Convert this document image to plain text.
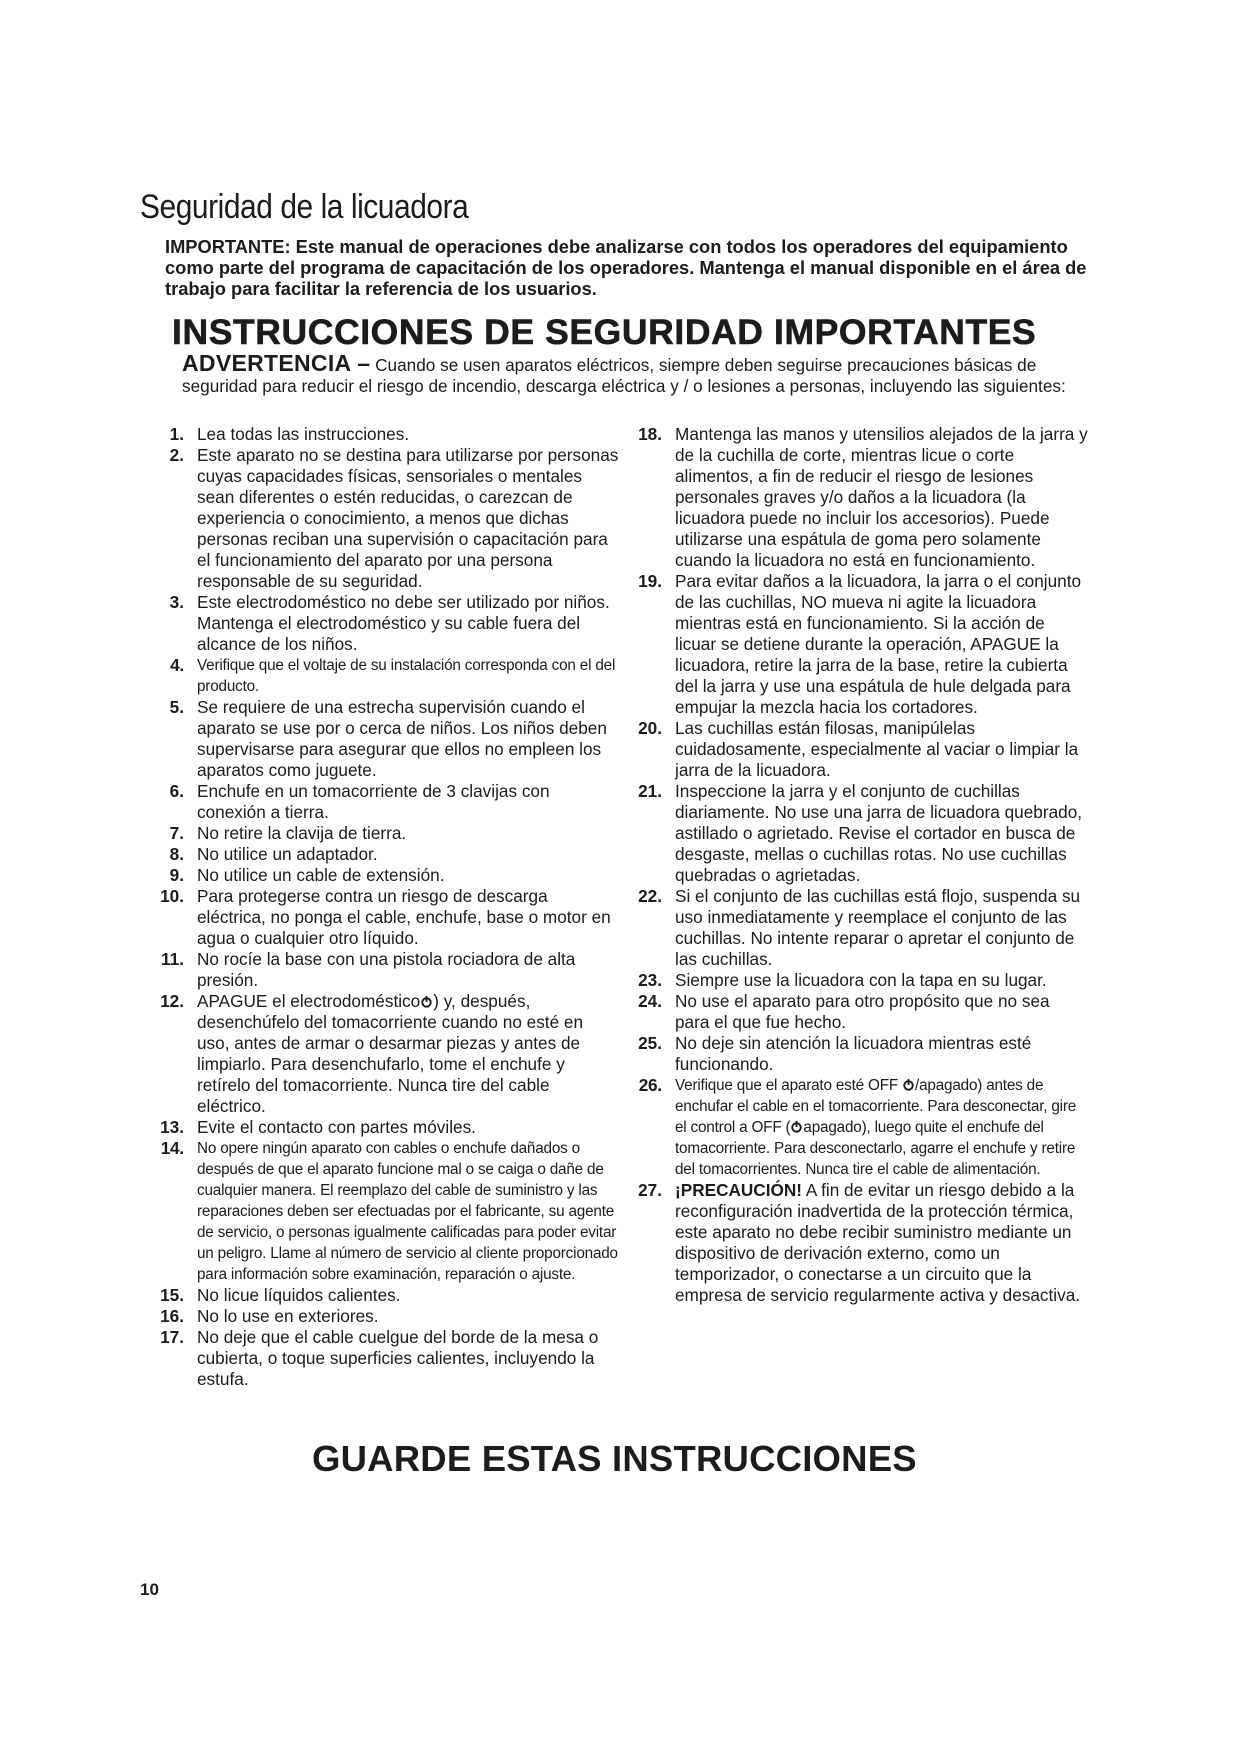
Seguridad de la licuadora

IMPORTANTE: Este manual de operaciones debe analizarse con todos los operadores del equipamiento como parte del programa de capacitación de los operadores. Mantenga el manual disponible en el área de trabajo para facilitar la referencia de los usuarios.

INSTRUCCIONES DE SEGURIDAD IMPORTANTES

ADVERTENCIA – Cuando se usen aparatos eléctricos, siempre deben seguirse precauciones básicas de seguridad para reducir el riesgo de incendio, descarga eléctrica y / o lesiones a personas, incluyendo las siguientes:

1. Lea todas las instrucciones.
2. Este aparato no se destina para utilizarse por personas cuyas capacidades físicas, sensoriales o mentales sean diferentes o estén reducidas, o carezcan de experiencia o conocimiento, a menos que dichas personas reciban una supervisión o capacitación para el funcionamiento del aparato por una persona responsable de su seguridad.
3. Este electrodoméstico no debe ser utilizado por niños. Mantenga el electrodoméstico y su cable fuera del alcance de los niños.
4. Verifique que el voltaje de su instalación corresponda con el del producto.
5. Se requiere de una estrecha supervisión cuando el aparato se use por o cerca de niños. Los niños deben supervisarse para asegurar que ellos no empleen los aparatos como juguete.
6. Enchufe en un tomacorriente de 3 clavijas con conexión a tierra.
7. No retire la clavija de tierra.
8. No utilice un adaptador.
9. No utilice un cable de extensión.
10. Para protegerse contra un riesgo de descarga eléctrica, no ponga el cable, enchufe, base o motor en agua o cualquier otro líquido.
11. No rocíe la base con una pistola rociadora de alta presión.
12. APAGUE el electrodoméstico ) y, después, desenchúfelo del tomacorriente cuando no esté en uso, antes de armar o desarmar piezas y antes de limpiarlo. Para desenchufarlo, tome el enchufe y retírelo del tomacorriente. Nunca tire del cable eléctrico.
13. Evite el contacto con partes móviles.
14. No opere ningún aparato con cables o enchufe dañados o después de que el aparato funcione mal o se caiga o dañe de cualquier manera. El reemplazo del cable de suministro y las reparaciones deben ser efectuadas por el fabricante, su agente de servicio, o personas igualmente calificadas para poder evitar un peligro. Llame al número de servicio al cliente proporcionado para información sobre examinación, reparación o ajuste.
15. No licue líquidos calientes.
16. No lo use en exteriores.
17. No deje que el cable cuelgue del borde de la mesa o cubierta, o toque superficies calientes, incluyendo la estufa.
18. Mantenga las manos y utensilios alejados de la jarra y de la cuchilla de corte, mientras licue o corte alimentos, a fin de reducir el riesgo de lesiones personales graves y/o daños a la licuadora (la licuadora puede no incluir los accesorios). Puede utilizarse una espátula de goma pero solamente cuando la licuadora no está en funcionamiento.
19. Para evitar daños a la licuadora, la jarra o el conjunto de las cuchillas, NO mueva ni agite la licuadora mientras está en funcionamiento. Si la acción de licuar se detiene durante la operación, APAGUE la licuadora, retire la jarra de la base, retire la cubierta del la jarra y use una espátula de hule delgada para empujar la mezcla hacia los cortadores.
20. Las cuchillas están filosas, manipúlelas cuidadosamente, especialmente al vaciar o limpiar la jarra de la licuadora.
21. Inspeccione la jarra y el conjunto de cuchillas diariamente. No use una jarra de licuadora quebrado, astillado o agrietado. Revise el cortador en busca de desgaste, mellas o cuchillas rotas. No use cuchillas quebradas o agrietadas.
22. Si el conjunto de las cuchillas está flojo, suspenda su uso inmediatamente y reemplace el conjunto de las cuchillas. No intente reparar o apretar el conjunto de las cuchillas.
23. Siempre use la licuadora con la tapa en su lugar.
24. No use el aparato para otro propósito que no sea para el que fue hecho.
25. No deje sin atención la licuadora mientras esté funcionando.
26. Verifique que el aparato esté OFF /apagado) antes de enchufar el cable en el tomacorriente. Para desconectar, gire el control a OFF ( apagado), luego quite el enchufe del tomacorriente. Para desconectarlo, agarre el enchufe y retire del tomacorrientes. Nunca tire el cable de alimentación.
27. ¡PRECAUCIÓN! A fin de evitar un riesgo debido a la reconfiguración inadvertida de la protección térmica, este aparato no debe recibir suministro mediante un dispositivo de derivación externo, como un temporizador, o conectarse a un circuito que la empresa de servicio regularmente activa y desactiva.
GUARDE ESTAS INSTRUCCIONES

10
